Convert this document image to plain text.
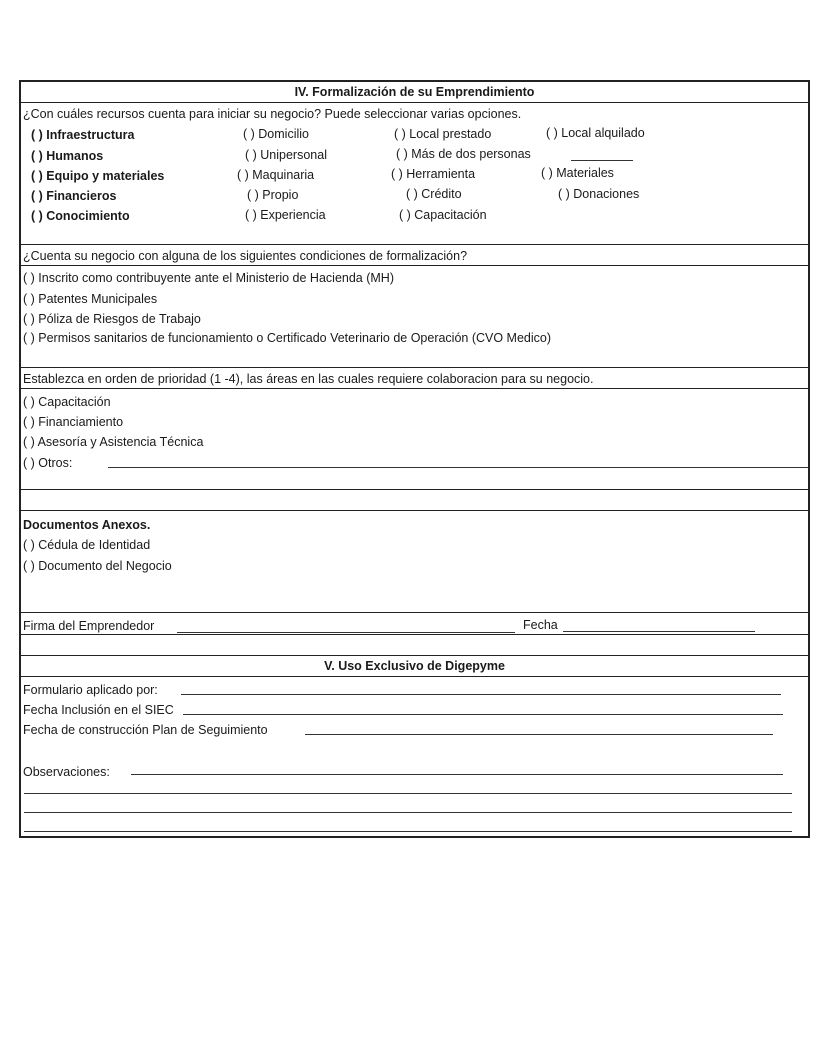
IV. Formalización de su Emprendimiento
¿Con cuáles recursos cuenta para iniciar su negocio? Puede seleccionar varias opciones.
( ) Infraestructura	( ) Domicilio	( ) Local prestado	( ) Local alquilado
( ) Humanos	( ) Unipersonal	( ) Más de dos personas
( ) Equipo y materiales	( ) Maquinaria	( ) Herramienta	( ) Materiales
( ) Financieros	( ) Propio	( ) Crédito	( ) Donaciones
( ) Conocimiento	( ) Experiencia	( ) Capacitación
¿Cuenta su negocio con alguna de los siguientes condiciones de formalización?
( ) Inscrito como contribuyente ante el Ministerio de Hacienda (MH)
( ) Patentes Municipales
( ) Póliza de Riesgos de Trabajo
( ) Permisos sanitarios de funcionamiento o Certificado Veterinario de Operación (CVO Medico)
Establezca en orden de prioridad (1 -4), las áreas en las cuales requiere colaboracion para su negocio.
( ) Capacitación
( ) Financiamiento
( ) Asesoría y Asistencia Técnica
( ) Otros:
Documentos Anexos.
( ) Cédula de Identidad
( ) Documento del Negocio
Firma del Emprendedor	Fecha
V. Uso Exclusivo de Digepyme
Formulario aplicado por:
Fecha Inclusión en el SIEC
Fecha de construcción Plan de Seguimiento
Observaciones:
